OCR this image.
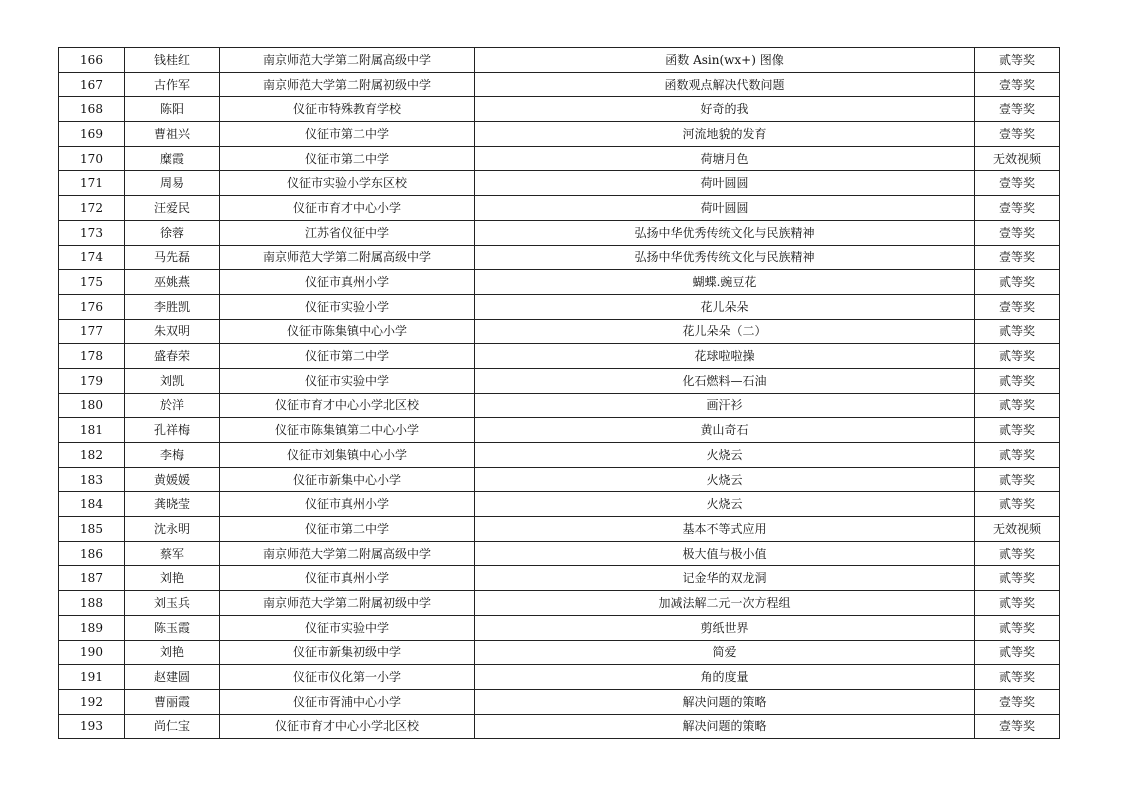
166	钱桂红	南京师范大学第二附属高级中学	函数 Asin(wx+) 图像	贰等奖
167	古作军	南京师范大学第二附属初级中学	函数观点解决代数问题	壹等奖
168	陈阳	仪征市特殊教育学校	好奇的我	壹等奖
169	曹祖兴	仪征市第二中学	河流地貌的发育	壹等奖
170	糜霞	仪征市第二中学	荷塘月色	无效视频
171	周易	仪征市实验小学东区校	荷叶圆圆	壹等奖
172	汪爱民	仪征市育才中心小学	荷叶圆圆	壹等奖
173	徐蓉	江苏省仪征中学	弘扬中华优秀传统文化与民族精神	壹等奖
174	马先磊	南京师范大学第二附属高级中学	弘扬中华优秀传统文化与民族精神	壹等奖
175	巫姚燕	仪征市真州小学	蝴蝶.豌豆花	贰等奖
176	李胜凯	仪征市实验小学	花儿朵朵	壹等奖
177	朱双明	仪征市陈集镇中心小学	花儿朵朵（二）	贰等奖
178	盛春荣	仪征市第二中学	花球啦啦操	贰等奖
179	刘凯	仪征市实验中学	化石燃料—石油	贰等奖
180	於洋	仪征市育才中心小学北区校	画汗衫	贰等奖
181	孔祥梅	仪征市陈集镇第二中心小学	黄山奇石	贰等奖
182	李梅	仪征市刘集镇中心小学	火烧云	贰等奖
183	黄媛媛	仪征市新集中心小学	火烧云	贰等奖
184	龚晓莹	仪征市真州小学	火烧云	贰等奖
185	沈永明	仪征市第二中学	基本不等式应用	无效视频
186	蔡军	南京师范大学第二附属高级中学	极大值与极小值	贰等奖
187	刘艳	仪征市真州小学	记金华的双龙洞	贰等奖
188	刘玉兵	南京师范大学第二附属初级中学	加减法解二元一次方程组	贰等奖
189	陈玉霞	仪征市实验中学	剪纸世界	贰等奖
190	刘艳	仪征市新集初级中学	简爱	贰等奖
191	赵建圆	仪征市仪化第一小学	角的度量	贰等奖
192	曹丽霞	仪征市胥浦中心小学	解决问题的策略	壹等奖
193	尚仁宝	仪征市育才中心小学北区校	解决问题的策略	壹等奖
